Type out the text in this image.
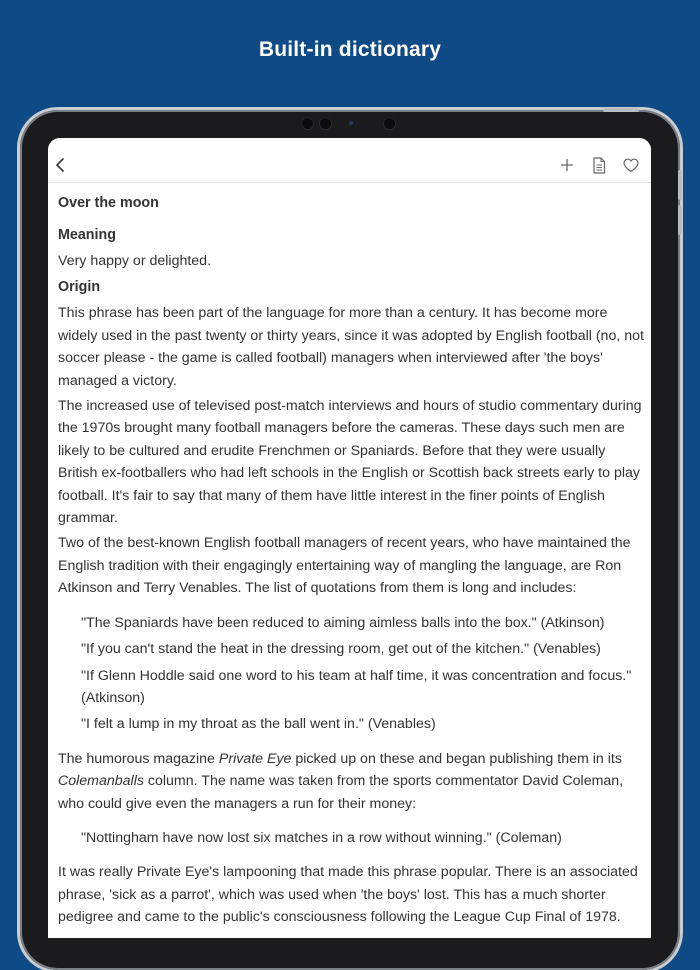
Built-in dictionary
Over the moon
Meaning
Very happy or delighted.
Origin
This phrase has been part of the language for more than a century. It has become more widely used in the past twenty or thirty years, since it was adopted by English football (no, not soccer please - the game is called football) managers when interviewed after 'the boys' managed a victory.
The increased use of televised post-match interviews and hours of studio commentary during the 1970s brought many football managers before the cameras. These days such men are likely to be cultured and erudite Frenchmen or Spaniards. Before that they were usually British ex-footballers who had left schools in the English or Scottish back streets early to play football. It's fair to say that many of them have little interest in the finer points of English grammar.
Two of the best-known English football managers of recent years, who have maintained the English tradition with their engagingly entertaining way of mangling the language, are Ron Atkinson and Terry Venables. The list of quotations from them is long and includes:
"The Spaniards have been reduced to aiming aimless balls into the box." (Atkinson)
"If you can't stand the heat in the dressing room, get out of the kitchen." (Venables)
"If Glenn Hoddle said one word to his team at half time, it was concentration and focus." (Atkinson)
"I felt a lump in my throat as the ball went in." (Venables)
The humorous magazine Private Eye picked up on these and began publishing them in its Colemanballs column. The name was taken from the sports commentator David Coleman, who could give even the managers a run for their money:
"Nottingham have now lost six matches in a row without winning." (Coleman)
It was really Private Eye's lampooning that made this phrase popular. There is an associated phrase, 'sick as a parrot', which was used when 'the boys' lost. This has a much shorter pedigree and came to the public's consciousness following the League Cup Final of 1978.
